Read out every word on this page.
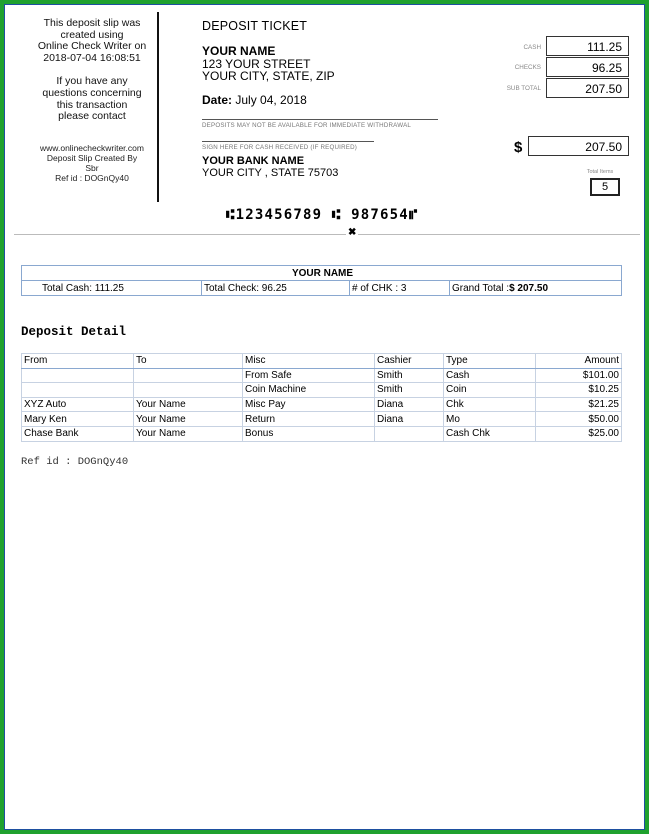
This deposit slip was
created using
Online Check Writer on
2018-07-04 16:08:51
If you have any
questions concerning
this transaction
please contact
www.onlinecheckwriter.com
Deposit Slip Created By
Sbr
Ref id : DOGnQy40
DEPOSIT TICKET
YOUR NAME
123 YOUR STREET
YOUR CITY, STATE, ZIP
Date: July 04, 2018
DEPOSITS MAY NOT BE AVAILABLE FOR IMMEDIATE WITHDRAWAL
SIGN HERE FOR CASH RECEIVED (IF REQUIRED)
YOUR BANK NAME
YOUR CITY , STATE 75703
CASH	111.25
CHECKS	96.25
SUB TOTAL	207.50
$	207.50
Total Items
5
⑆123456789 ⑆ 987654⑈
✖
YOUR NAME
Total Cash: 111.25	Total Check: 96.25	# of CHK : 3	Grand Total :$ 207.50
Deposit Detail
From	To	Misc	Cashier	Type	Amount
		From Safe	Smith	Cash	$101.00
		Coin Machine	Smith	Coin	$10.25
XYZ Auto	Your Name	Misc Pay	Diana	Chk	$21.25
Mary Ken	Your Name	Return	Diana	Mo	$50.00
Chase Bank	Your Name	Bonus		Cash Chk	$25.00
Ref id : DOGnQy40
